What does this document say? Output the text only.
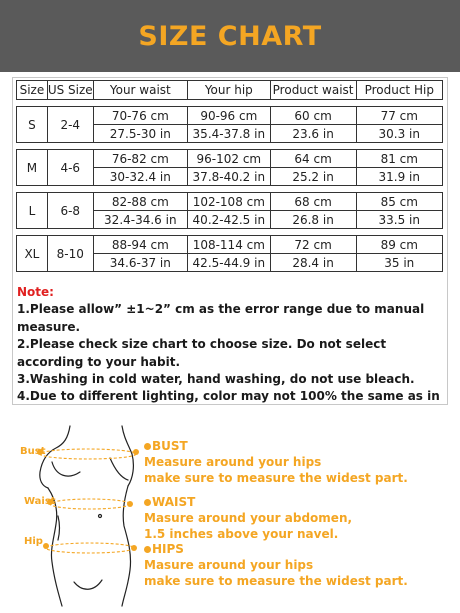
SIZE CHART
Size	US Size	Your waist	Your hip	Product waist	Product Hip

S	2-4	70-76 cm	90-96 cm	60 cm	77 cm
		27.5-30 in	35.4-37.8 in	23.6 in	30.3 in

M	4-6	76-82 cm	96-102 cm	64 cm	81 cm
		30-32.4 in	37.8-40.2 in	25.2 in	31.9 in

L	6-8	82-88 cm	102-108 cm	68 cm	85 cm
		32.4-34.6 in	40.2-42.5 in	26.8 in	33.5 in

XL	8-10	88-94 cm	108-114 cm	72 cm	89 cm
		34.6-37 in	42.5-44.9 in	28.4 in	35 in
Note:
1.Please allow” ±1~2” cm as the error range due to manual measure.
2.Please check size chart to choose size. Do not select according to your habit.
3.Washing in cold water, hand washing, do not use bleach.
4.Due to different lighting, color may not 100% the same as in
Bust
Waist
Hip
BUST
Measure around your hips
make sure to measure the widest part.
WAIST
Masure around your abdomen,
1.5 inches above your navel.
HIPS
Masure around your hips
make sure to measure the widest part.
